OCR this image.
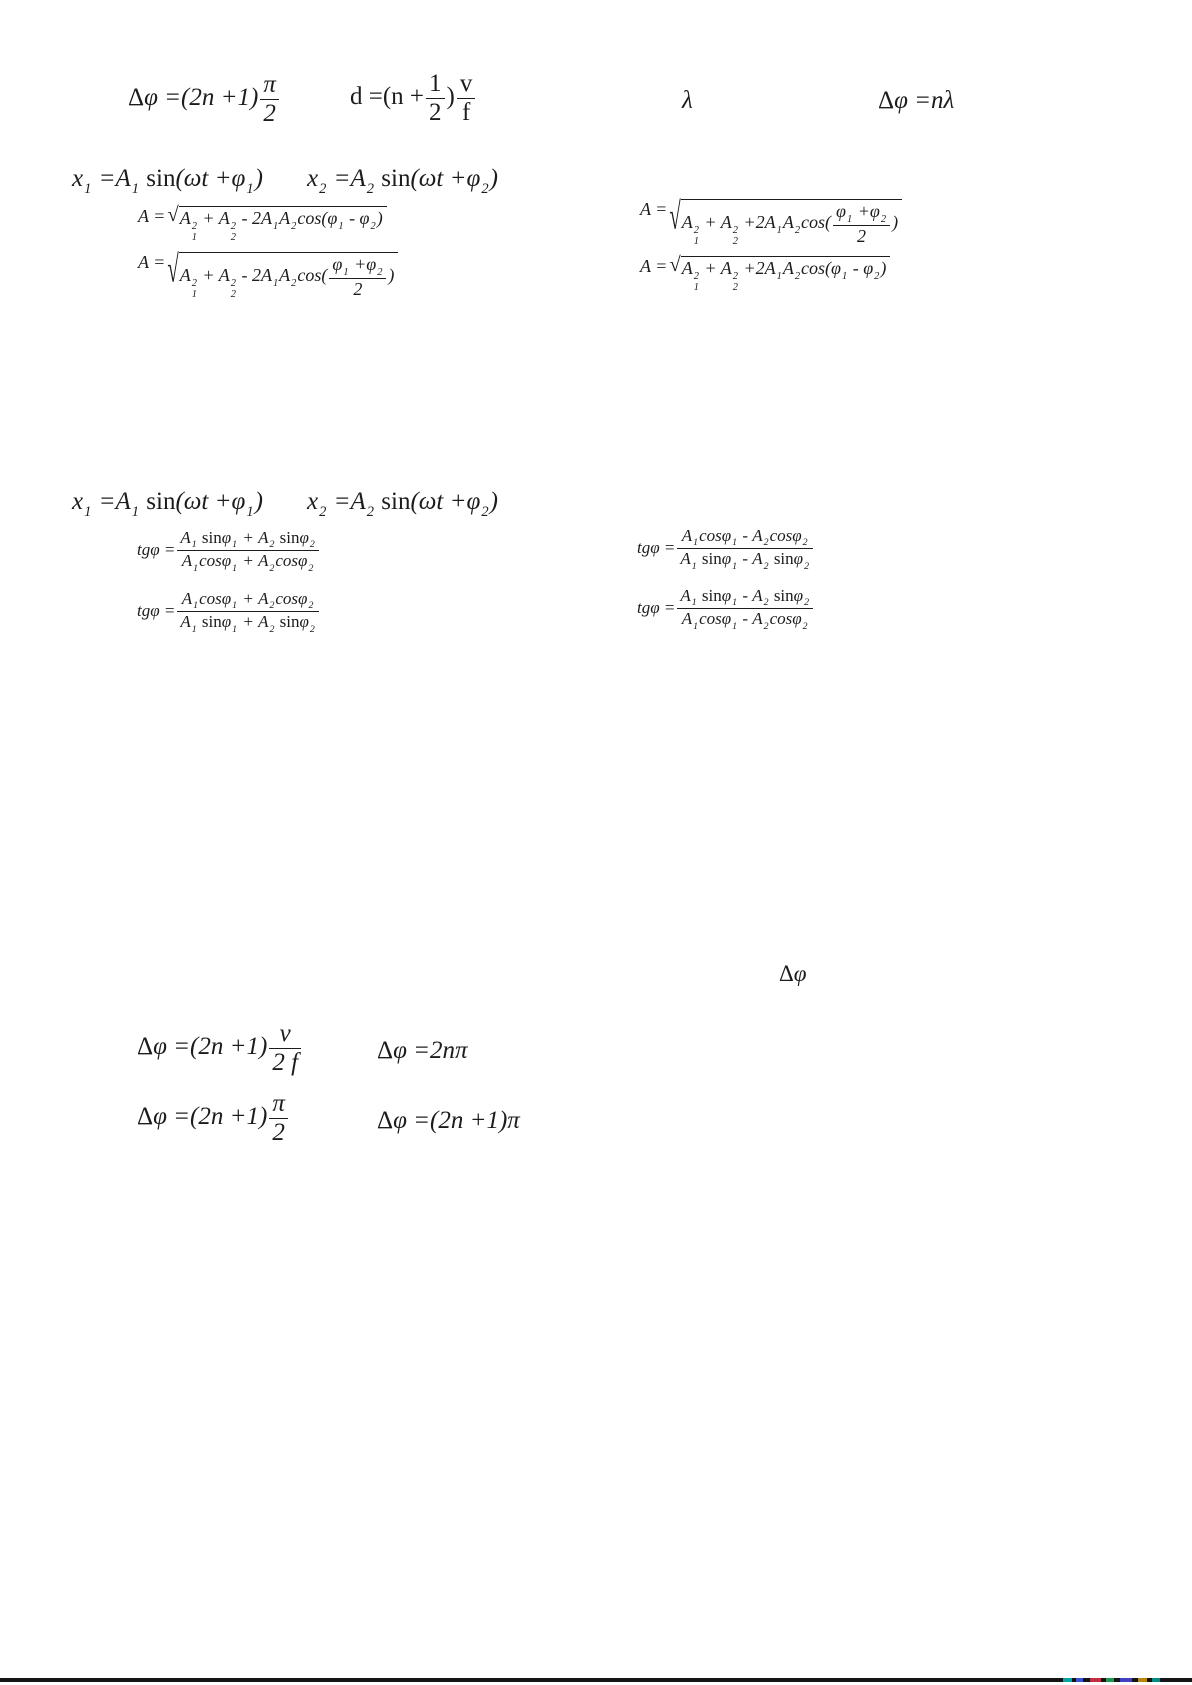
$\Delta\varphi =(2n +1) \frac{\pi}{2}$	$d =(n + \frac{1}{2}$ ) $\frac{v}{f}$	λ	Δφ =nλ
$x_1 =A_1$ $\sin(\omega t +\varphi_1)$ $x_2 =A_2$ $\sin(\omega t +\varphi_2)$
A = √ A 2
1
+ A 2
2
- $2A_1A_2\cos(\varphi_1 - \varphi_2)$
A = √ A 2
1
+ A 2
2
- $2A_1A_2\cos( \frac{\varphi_1 +\varphi_2}{2}$ )
A = √ A 2
1
+ A 2
2
$+2A_1A_2\cos( \frac{\varphi_1 +\varphi_2}{2}$ )
A = √ A 2
1
+ A 2
2
$+2A_1A_2\cos(\varphi_1 - \varphi_2)$
$x_1 =A_1$ $\sin(\omega t +\varphi_1)$ $x_2 =A_2$ $\sin(\omega t +\varphi_2)$
$tg\varphi = \frac{A_1 \sin\varphi_1 + A_2 \sin\varphi_2}{A_1\cos\varphi_1 + A_2\cos\varphi_2}$
$tg\varphi = \frac{A_1\cos\varphi_1 + A_2\cos\varphi_2}{A_1 \sin\varphi_1 + A_2 \sin\varphi_2}$
$tg\varphi = \frac{A_1\cos\varphi_1 - A_2\cos\varphi_2}{A_1 \sin\varphi_1 - A_2 \sin\varphi_2}$
$tg\varphi = \frac{A_1 \sin\varphi_1 - A_2 \sin\varphi_2}{A_1\cos\varphi_1 - A_2\cos\varphi_2}$
Δφ
$\Delta\varphi =(2n +1) \frac{v}{2 f}$	Δφ =2nπ
$\Delta\varphi =(2n +1) \frac{\pi}{2}$	Δφ =(2n +1)π
